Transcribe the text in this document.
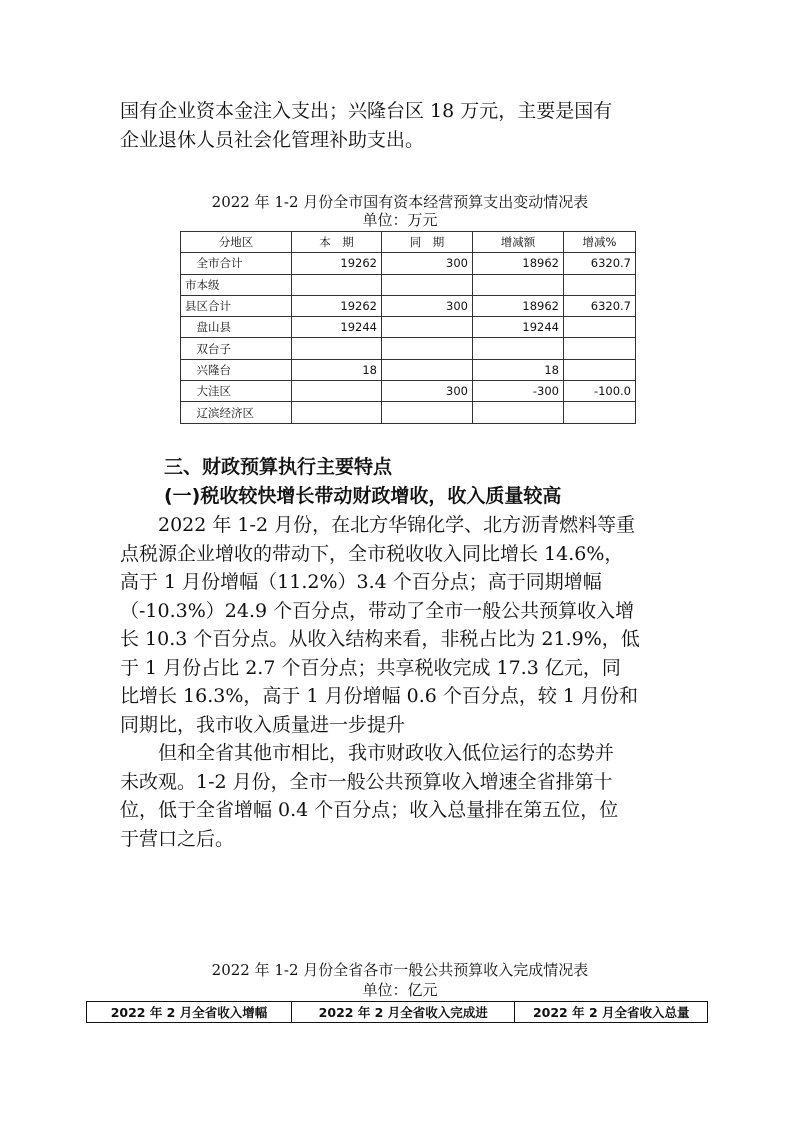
国有企业资本金注入支出；兴隆台区 18 万元，主要是国有
企业退休人员社会化管理补助支出。

2022 年 1-2 月份全市国有资本经营预算支出变动情况表

单位：万元

分地区	本　期	同　期	增减额	增减%
　全市合计	19262	300	18962	6320.7
市本级				
县区合计	19262	300	18962	6320.7
　盘山县	19244		19244	
　双台子				
　兴隆台	18		18	
　大洼区		300	-300	-100.0
　辽滨经济区				

三、财政预算执行主要特点

(一)税收较快增长带动财政增收，收入质量较高

　　2022 年 1-2 月份，在北方华锦化学、北方沥青燃料等重
点税源企业增收的带动下，全市税收收入同比增长 14.6%，
高于 1 月份增幅（11.2%）3.4 个百分点；高于同期增幅
（-10.3%）24.9 个百分点，带动了全市一般公共预算收入增
长 10.3 个百分点。从收入结构来看，非税占比为 21.9%，低
于 1 月份占比 2.7 个百分点；共享税收完成 17.3 亿元，同
比增长 16.3%，高于 1 月份增幅 0.6 个百分点，较 1 月份和
同期比，我市收入质量进一步提升
　　但和全省其他市相比，我市财政收入低位运行的态势并
未改观。1-2 月份，全市一般公共预算收入增速全省排第十
位，低于全省增幅 0.4 个百分点；收入总量排在第五位，位
于营口之后。

2022 年 1-2 月份全省各市一般公共预算收入完成情况表

单位：亿元

2022 年 2 月全省收入增幅	2022 年 2 月全省收入完成进	2022 年 2 月全省收入总量
